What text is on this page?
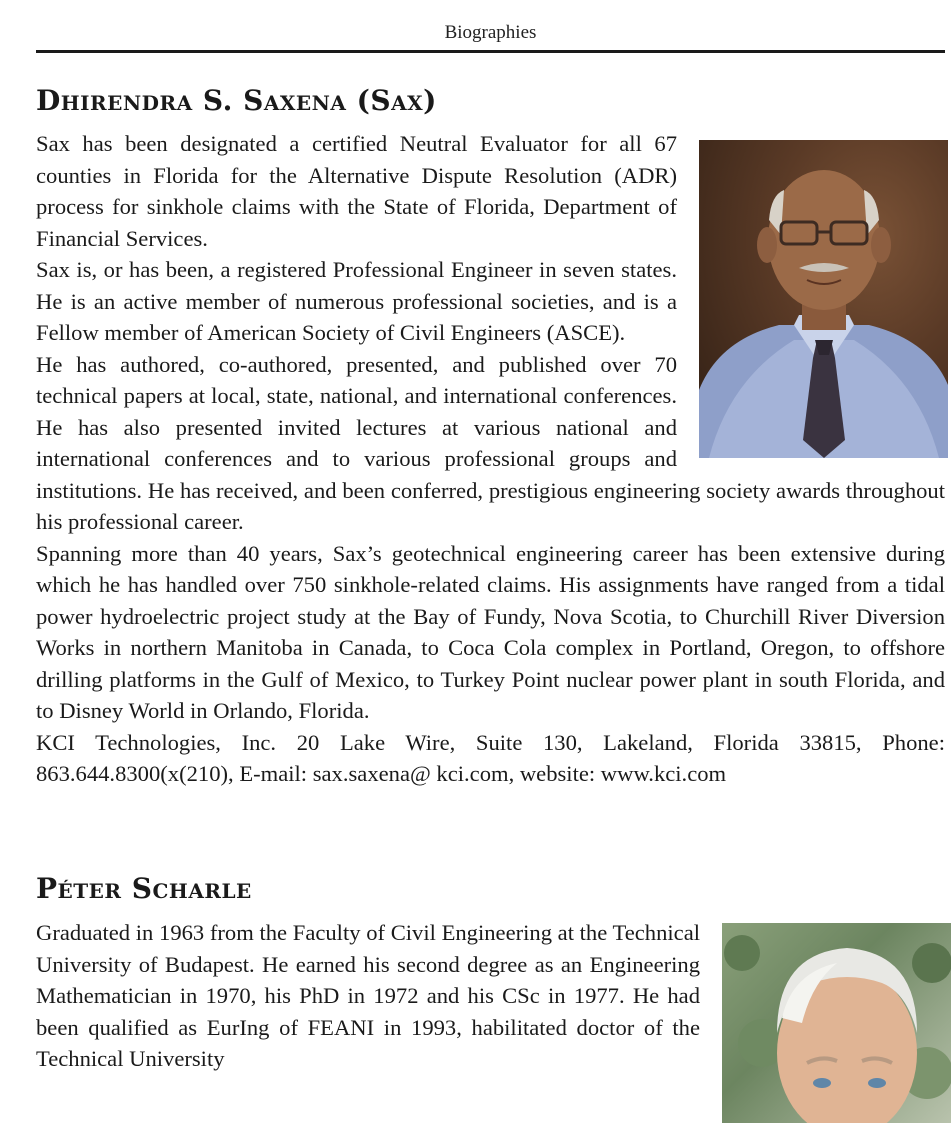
Biographies
Dhirendra S. Saxena (Sax)

Sax has been designated a certified Neutral Evaluator for all 67 counties in Florida for the Alternative Dispute Resolution (ADR) process for sinkhole claims with the State of Florida, Department of Financial Services.

Sax is, or has been, a registered Professional Engineer in seven states. He is an active member of numerous professional societies, and is a Fellow member of American Society of Civil Engineers (ASCE).

He has authored, co-authored, presented, and published over 70 technical papers at local, state, national, and international conferences. He has also presented invited lectures at various national and international conferences and to various professional groups and institutions. He has received, and been conferred, prestigious engineering society awards throughout his professional career.

Spanning more than 40 years, Sax’s geotechnical engineering career has been extensive during which he has handled over 750 sinkhole-related claims. His assignments have ranged from a tidal power hydroelectric project study at the Bay of Fundy, Nova Scotia, to Churchill River Diversion Works in northern Manitoba in Canada, to Coca Cola complex in Portland, Oregon, to offshore drilling platforms in the Gulf of Mexico, to Turkey Point nuclear power plant in south Florida, and to Disney World in Orlando, Florida.

KCI Technologies, Inc. 20 Lake Wire, Suite 130, Lakeland, Florida 33815, Phone: 863.644.8300(x(210), E-mail: sax.saxena@ kci.com, website: www.kci.com

Péter Scharle

Graduated in 1963 from the Faculty of Civil Engineering at the Technical University of Budapest. He earned his second degree as an Engineering Mathematician in 1970, his PhD in 1972 and his CSc in 1977. He had been qualified as EurIng of FEANI in 1993, habilitated doctor of the Technical University
